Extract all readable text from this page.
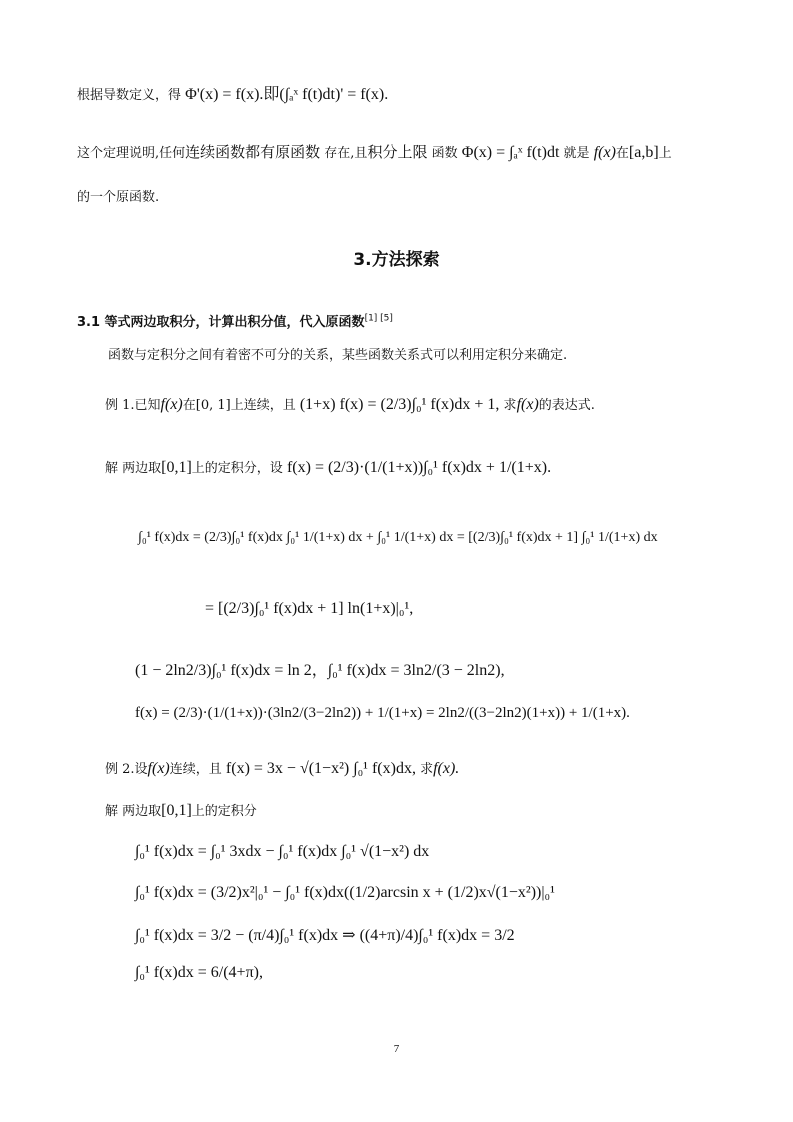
根据导数定义，得 Φ'(x) = f(x).即(∫ₐˣ f(t)dt)' = f(x).
这个定理说明,任何连续函数都有原函数 存在,且积分上限 函数 Φ(x) = ∫ₐˣ f(t)dt 就是 f(x)在[a,b]上
的一个原函数.
3.方法探索
3.1 等式两边取积分，计算出积分值，代入原函数[1] [5]
函数与定积分之间有着密不可分的关系，某些函数关系式可以利用定积分来确定.
例 1.已知f(x)在[0, 1]上连续，且 (1+x) f(x) = (2/3)∫₀¹ f(x)dx + 1, 求f(x)的表达式.
解 两边取[0,1]上的定积分，设 f(x) = (2/3)·(1/(1+x))∫₀¹ f(x)dx + 1/(1+x).
∫₀¹ f(x)dx = (2/3)∫₀¹ f(x)dx ∫₀¹ 1/(1+x) dx + ∫₀¹ 1/(1+x) dx = [(2/3)∫₀¹ f(x)dx + 1] ∫₀¹ 1/(1+x) dx
= [(2/3)∫₀¹ f(x)dx + 1] ln(1+x)|₀¹,
(1 − 2ln2/3)∫₀¹ f(x)dx = ln 2，∫₀¹ f(x)dx = 3ln2/(3 − 2ln2),
f(x) = (2/3)·(1/(1+x))·(3ln2/(3−2ln2)) + 1/(1+x) = 2ln2/((3−2ln2)(1+x)) + 1/(1+x).
例 2.设f(x)连续，且 f(x) = 3x − √(1−x²) ∫₀¹ f(x)dx, 求f(x).
解 两边取[0,1]上的定积分
∫₀¹ f(x)dx = ∫₀¹ 3xdx − ∫₀¹ f(x)dx ∫₀¹ √(1−x²) dx
∫₀¹ f(x)dx = (3/2)x²|₀¹ − ∫₀¹ f(x)dx((1/2)arcsin x + (1/2)x√(1−x²))|₀¹
∫₀¹ f(x)dx = 3/2 − (π/4)∫₀¹ f(x)dx ⇒ ((4+π)/4)∫₀¹ f(x)dx = 3/2
∫₀¹ f(x)dx = 6/(4+π),
7
